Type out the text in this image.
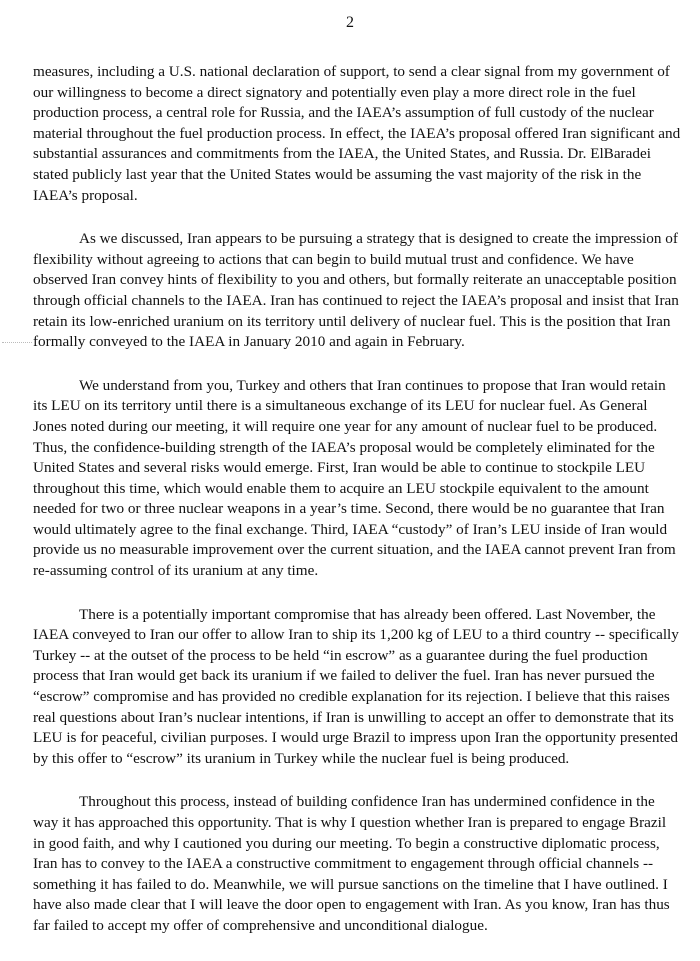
2

measures, including a U.S. national declaration of support, to send a clear signal from my government of our willingness to become a direct signatory and potentially even play a more direct role in the fuel production process, a central role for Russia, and the IAEA’s assumption of full custody of the nuclear material throughout the fuel production process. In effect, the IAEA’s proposal offered Iran significant and substantial assurances and commitments from the IAEA, the United States, and Russia. Dr. ElBaradei stated publicly last year that the United States would be assuming the vast majority of the risk in the IAEA’s proposal.

As we discussed, Iran appears to be pursuing a strategy that is designed to create the impression of flexibility without agreeing to actions that can begin to build mutual trust and confidence. We have observed Iran convey hints of flexibility to you and others, but formally reiterate an unacceptable position through official channels to the IAEA. Iran has continued to reject the IAEA’s proposal and insist that Iran retain its low-enriched uranium on its territory until delivery of nuclear fuel. This is the position that Iran formally conveyed to the IAEA in January 2010 and again in February.

We understand from you, Turkey and others that Iran continues to propose that Iran would retain its LEU on its territory until there is a simultaneous exchange of its LEU for nuclear fuel. As General Jones noted during our meeting, it will require one year for any amount of nuclear fuel to be produced. Thus, the confidence-building strength of the IAEA’s proposal would be completely eliminated for the United States and several risks would emerge. First, Iran would be able to continue to stockpile LEU throughout this time, which would enable them to acquire an LEU stockpile equivalent to the amount needed for two or three nuclear weapons in a year’s time. Second, there would be no guarantee that Iran would ultimately agree to the final exchange. Third, IAEA “custody” of Iran’s LEU inside of Iran would provide us no measurable improvement over the current situation, and the IAEA cannot prevent Iran from re-assuming control of its uranium at any time.

There is a potentially important compromise that has already been offered. Last November, the IAEA conveyed to Iran our offer to allow Iran to ship its 1,200 kg of LEU to a third country -- specifically Turkey -- at the outset of the process to be held “in escrow” as a guarantee during the fuel production process that Iran would get back its uranium if we failed to deliver the fuel. Iran has never pursued the “escrow” compromise and has provided no credible explanation for its rejection. I believe that this raises real questions about Iran’s nuclear intentions, if Iran is unwilling to accept an offer to demonstrate that its LEU is for peaceful, civilian purposes. I would urge Brazil to impress upon Iran the opportunity presented by this offer to “escrow” its uranium in Turkey while the nuclear fuel is being produced.

Throughout this process, instead of building confidence Iran has undermined confidence in the way it has approached this opportunity. That is why I question whether Iran is prepared to engage Brazil in good faith, and why I cautioned you during our meeting. To begin a constructive diplomatic process, Iran has to convey to the IAEA a constructive commitment to engagement through official channels -- something it has failed to do. Meanwhile, we will pursue sanctions on the timeline that I have outlined. I have also made clear that I will leave the door open to engagement with Iran. As you know, Iran has thus far failed to accept my offer of comprehensive and unconditional dialogue.
